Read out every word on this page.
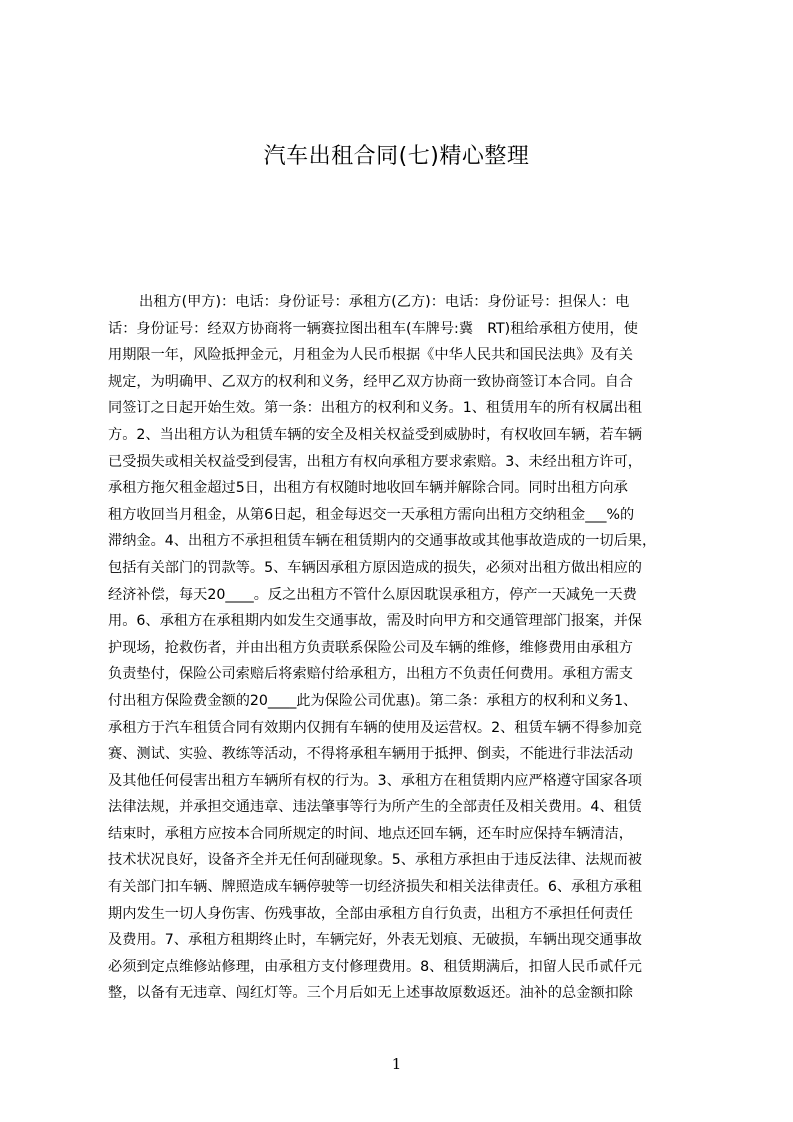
汽车出租合同(七)精心整理
出租方(甲方)：电话：身份证号：承租方(乙方)：电话：身份证号：担保人：电
话：身份证号：经双方协商将一辆赛拉图出租车(车牌号:冀　RT)租给承租方使用，使
用期限一年，风险抵押金元，月租金为人民币根据《中华人民共和国民法典》及有关
规定，为明确甲、乙双方的权利和义务，经甲乙双方协商一致协商签订本合同。自合
同签订之日起开始生效。第一条：出租方的权利和义务。1、租赁用车的所有权属出租
方。2、当出租方认为租赁车辆的安全及相关权益受到威胁时，有权收回车辆，若车辆
已受损失或相关权益受到侵害，出租方有权向承租方要求索赔。3、未经出租方许可，
承租方拖欠租金超过5日，出租方有权随时地收回车辆并解除合同。同时出租方向承
租方收回当月租金，从第6日起，租金每迟交一天承租方需向出租方交纳租金___%的
滞纳金。4、出租方不承担租赁车辆在租赁期内的交通事故或其他事故造成的一切后果，
包括有关部门的罚款等。5、车辆因承租方原因造成的损失，必须对出租方做出相应的
经济补偿，每天20____。反之出租方不管什么原因耽误承租方，停产一天减免一天费
用。6、承租方在承租期内如发生交通事故，需及时向甲方和交通管理部门报案，并保
护现场，抢救伤者，并由出租方负责联系保险公司及车辆的维修，维修费用由承租方
负责垫付，保险公司索赔后将索赔付给承租方，出租方不负责任何费用。承租方需支
付出租方保险费金额的20____此为保险公司优惠)。第二条：承租方的权利和义务1、
承租方于汽车租赁合同有效期内仅拥有车辆的使用及运营权。2、租赁车辆不得参加竞
赛、测试、实验、教练等活动，不得将承租车辆用于抵押、倒卖，不能进行非法活动
及其他任何侵害出租方车辆所有权的行为。3、承租方在租赁期内应严格遵守国家各项
法律法规，并承担交通违章、违法肇事等行为所产生的全部责任及相关费用。4、租赁
结束时，承租方应按本合同所规定的时间、地点还回车辆，还车时应保持车辆清洁，
技术状况良好，设备齐全并无任何刮碰现象。5、承租方承担由于违反法律、法规而被
有关部门扣车辆、牌照造成车辆停驶等一切经济损失和相关法律责任。6、承租方承租
期内发生一切人身伤害、伤残事故，全部由承租方自行负责，出租方不承担任何责任
及费用。7、承租方租期终止时，车辆完好，外表无划痕、无破损，车辆出现交通事故
必须到定点维修站修理，由承租方支付修理费用。8、租赁期满后，扣留人民币贰仟元
整，以备有无违章、闯红灯等。三个月后如无上述事故原数返还。油补的总金额扣除
1
